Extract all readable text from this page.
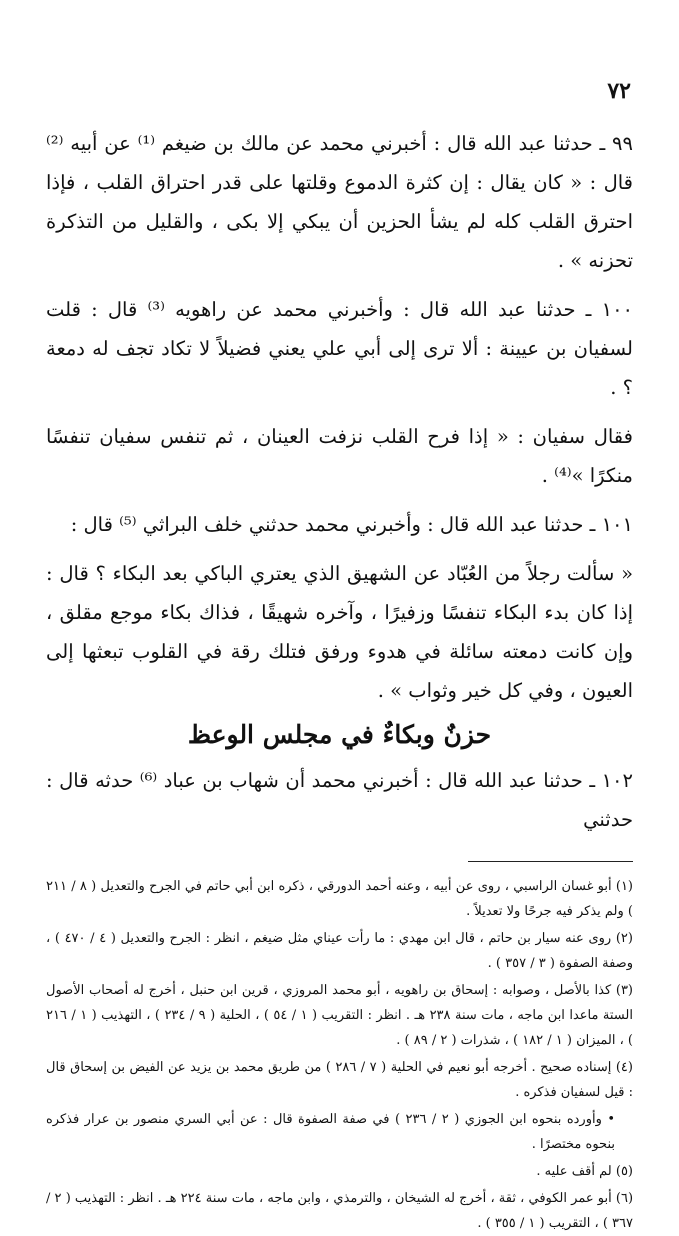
٧٢

٩٩ ـ حدثنا عبد الله قال : أخبرني محمد عن مالك بن ضيغم ⁽¹⁾ عن أبيه ⁽²⁾ قال : « كان يقال : إن كثرة الدموع وقلتها على قدر احتراق القلب ، فإذا احترق القلب كله لم يشأ الحزين أن يبكي إلا بكى ، والقليل من التذكرة تحزنه » .

١٠٠ ـ حدثنا عبد الله قال : وأخبرني محمد عن راهويه ⁽³⁾ قال : قلت لسفيان بن عيينة : ألا ترى إلى أبي علي يعني فضيلاً لا تكاد تجف له دمعة ؟ .

فقال سفيان : « إذا فرح القلب نزفت العينان ، ثم تنفس سفيان تنفسًا منكرًا »⁽⁴⁾ .

١٠١ ـ حدثنا عبد الله قال : وأخبرني محمد حدثني خلف البراثي ⁽⁵⁾ قال :

« سألت رجلاً من العُبّاد عن الشهيق الذي يعتري الباكي بعد البكاء ؟ قال : إذا كان بدء البكاء تنفسًا وزفيرًا ، وآخره شهيقًا ، فذاك بكاء موجع مقلق ، وإن كانت دمعته سائلة في هدوء ورفق فتلك رقة في القلوب تبعثها إلى العيون ، وفي كل خير وثواب » .

حزنٌ وبكاءٌ في مجلس الوعظ

١٠٢ ـ حدثنا عبد الله قال : أخبرني محمد أن شهاب بن عباد ⁽⁶⁾ حدثه قال : حدثني

(١) أبو غسان الراسبي ، روى عن أبيه ، وعنه أحمد الدورقي ، ذكره ابن أبي حاتم في الجرح والتعديل ( ٨ / ٢١١ ) ولم يذكر فيه جرحًا ولا تعديلاً .

(٢) روى عنه سيار بن حاتم ، قال ابن مهدي : ما رأت عيناي مثل ضيغم ، انظر : الجرح والتعديل ( ٤ / ٤٧٠ ) ، وصفة الصفوة ( ٣ / ٣٥٧ ) .

(٣) كذا بالأصل ، وصوابه : إسحاق بن راهويه ، أبو محمد المروزي ، قرين ابن حنبل ، أخرج له أصحاب الأصول الستة ماعدا ابن ماجه ، مات سنة ٢٣٨ هـ . انظر : التقريب ( ١ / ٥٤ ) ، الحلية ( ٩ / ٢٣٤ ) ، التهذيب ( ١ / ٢١٦ ) ، الميزان ( ١ / ١٨٢ ) ، شذرات ( ٢ / ٨٩ ) .

(٤) إسناده صحيح . أخرجه أبو نعيم في الحلية ( ٧ / ٢٨٦ ) من طريق محمد بن يزيد عن الفيض بن إسحاق قال : قيل لسفيان فذكره .

• وأورده بنحوه ابن الجوزي ( ٢ / ٢٣٦ ) في صفة الصفوة قال : عن أبي السري منصور بن عرار فذكره بنحوه مختصرًا .

(٥) لم أقف عليه .

(٦) أبو عمر الكوفي ، ثقة ، أخرج له الشيخان ، والترمذي ، وابن ماجه ، مات سنة ٢٢٤ هـ . انظر : التهذيب ( ٢ / ٣٦٧ ) ، التقريب ( ١ / ٣٥٥ ) .
